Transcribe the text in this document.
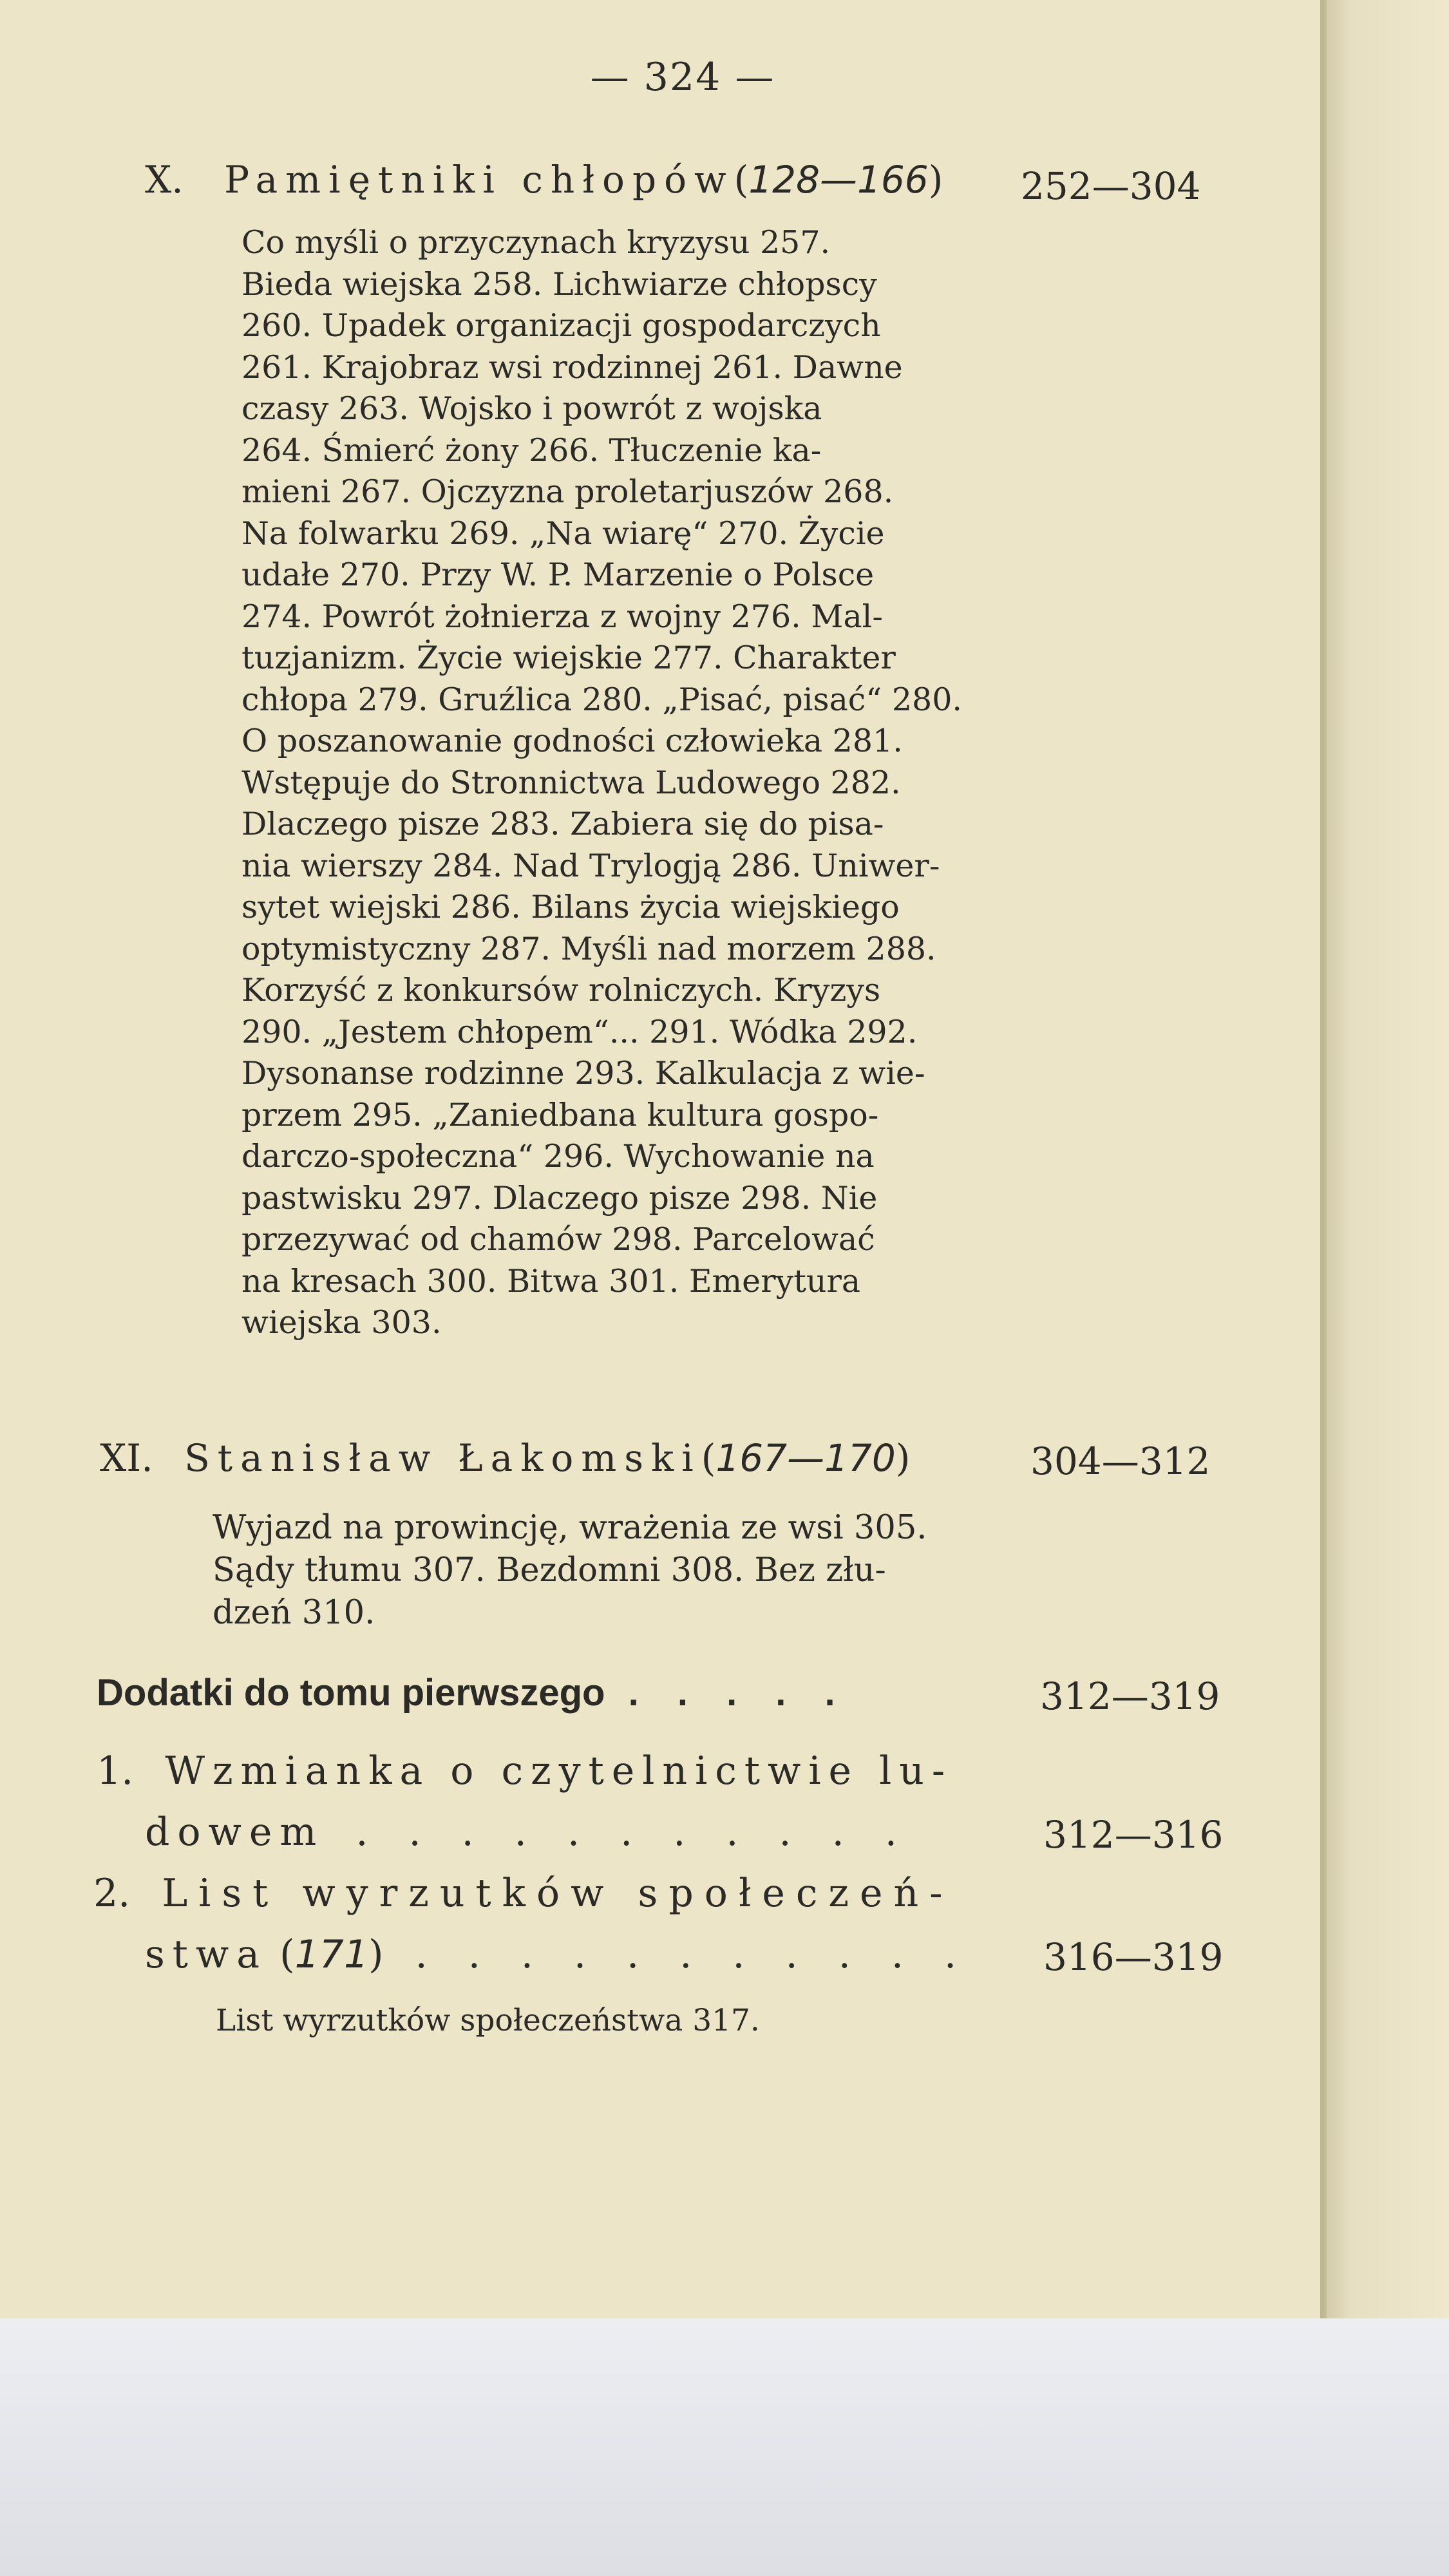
— 324 —
X. Pamiętniki chłopów(128—166) 252—304
Co myśli o przyczynach kryzysu 257.
Bieda wiejska 258. Lichwiarze chłopscy
260. Upadek organizacji gospodarczych
261. Krajobraz wsi rodzinnej 261. Dawne
czasy 263. Wojsko i powrót z wojska
264. Śmierć żony 266. Tłuczenie ka-
mieni 267. Ojczyzna proletarjuszów 268.
Na folwarku 269. „Na wiarę“ 270. Życie
udałe 270. Przy W. P. Marzenie o Polsce
274. Powrót żołnierza z wojny 276. Mal-
tuzjanizm. Życie wiejskie 277. Charakter
chłopa 279. Gruźlica 280. „Pisać, pisać“ 280.
O poszanowanie godności człowieka 281.
Wstępuje do Stronnictwa Ludowego 282.
Dlaczego pisze 283. Zabiera się do pisa-
nia wierszy 284. Nad Trylogją 286. Uniwer-
sytet wiejski 286. Bilans życia wiejskiego
optymistyczny 287. Myśli nad morzem 288.
Korzyść z konkursów rolniczych. Kryzys
290. „Jestem chłopem“... 291. Wódka 292.
Dysonanse rodzinne 293. Kalkulacja z wie-
przem 295. „Zaniedbana kultura gospo-
darczo-społeczna“ 296. Wychowanie na
pastwisku 297. Dlaczego pisze 298. Nie
przezywać od chamów 298. Parcelować
na kresach 300. Bitwa 301. Emerytura
wiejska 303.
XI. Stanisław Łakomski(167—170)	304—312
Wyjazd na prowincję, wrażenia ze wsi 305.
Sądy tłumu 307. Bezdomni 308. Bez złu-
dzeń 310.
Dodatki do tomu pierwszego . . . . .	312—319
1. Wzmianka o czytelnictwie lu-
dowem . . . . . . . . . . .	312—316
2. List wyrzutków społeczeń-
stwa (171) . . . . . . . . . . . 316—319
List wyrzutków społeczeństwa 317.
